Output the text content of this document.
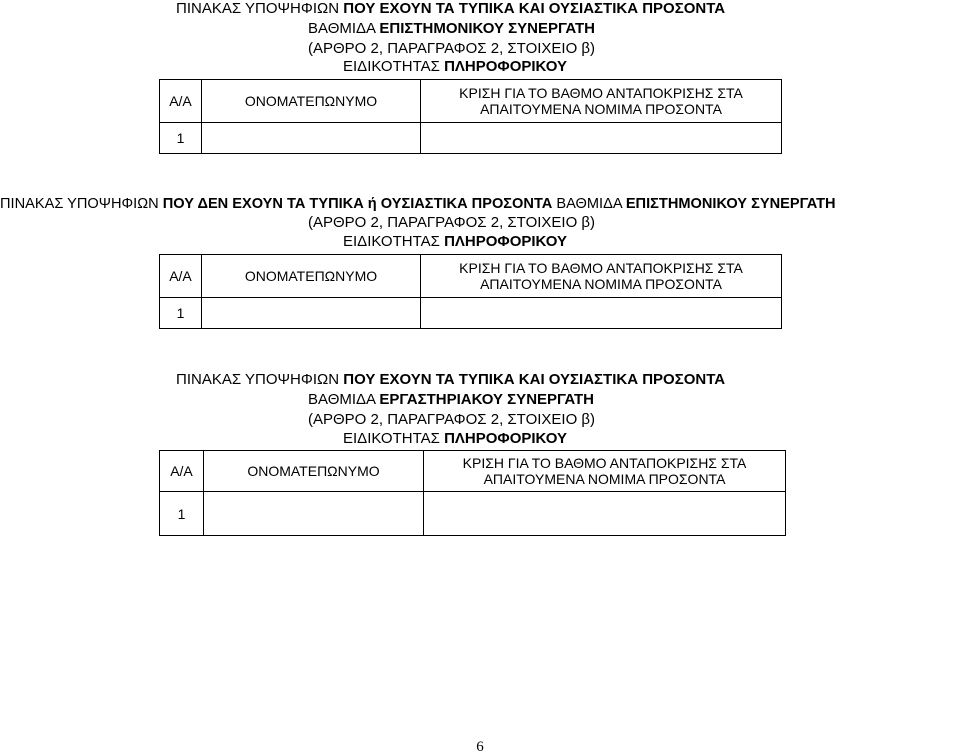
ΠΙΝΑΚΑΣ ΥΠΟΨΗΦΙΩΝ ΠΟΥ ΕΧΟΥΝ ΤΑ ΤΥΠΙΚΑ ΚΑΙ ΟΥΣΙΑΣΤΙΚΑ ΠΡΟΣΟΝΤΑ
ΒΑΘΜΙΔΑ ΕΠΙΣΤΗΜΟΝΙΚΟΥ ΣΥΝΕΡΓΑΤΗ
(ΑΡΘΡΟ 2, ΠΑΡΑΓΡΑΦΟΣ 2, ΣΤΟΙΧΕΙΟ β)
ΕΙΔΙΚΟΤΗΤΑΣ ΠΛΗΡΟΦΟΡΙΚΟΥ
Α/Α	ΟΝΟΜΑΤΕΠΩΝΥΜΟ	ΚΡΙΣΗ ΓΙΑ ΤΟ ΒΑΘΜΟ ΑΝΤΑΠΟΚΡΙΣΗΣ ΣΤΑ ΑΠΑΙΤΟΥΜΕΝΑ ΝΟΜΙΜΑ ΠΡΟΣΟΝΤΑ
1		
ΠΙΝΑΚΑΣ ΥΠΟΨΗΦΙΩΝ ΠΟΥ ΔΕΝ ΕΧΟΥΝ ΤΑ ΤΥΠΙΚΑ ή ΟΥΣΙΑΣΤΙΚΑ ΠΡΟΣΟΝΤΑ ΒΑΘΜΙΔΑ ΕΠΙΣΤΗΜΟΝΙΚΟΥ ΣΥΝΕΡΓΑΤΗ
(ΑΡΘΡΟ 2, ΠΑΡΑΓΡΑΦΟΣ 2, ΣΤΟΙΧΕΙΟ β)
ΕΙΔΙΚΟΤΗΤΑΣ ΠΛΗΡΟΦΟΡΙΚΟΥ
Α/Α	ΟΝΟΜΑΤΕΠΩΝΥΜΟ	ΚΡΙΣΗ ΓΙΑ ΤΟ ΒΑΘΜΟ ΑΝΤΑΠΟΚΡΙΣΗΣ ΣΤΑ ΑΠΑΙΤΟΥΜΕΝΑ ΝΟΜΙΜΑ ΠΡΟΣΟΝΤΑ
1		
ΠΙΝΑΚΑΣ ΥΠΟΨΗΦΙΩΝ ΠΟΥ ΕΧΟΥΝ ΤΑ ΤΥΠΙΚΑ ΚΑΙ ΟΥΣΙΑΣΤΙΚΑ ΠΡΟΣΟΝΤΑ
ΒΑΘΜΙΔΑ ΕΡΓΑΣΤΗΡΙΑΚΟΥ ΣΥΝΕΡΓΑΤΗ
(ΑΡΘΡΟ 2, ΠΑΡΑΓΡΑΦΟΣ 2, ΣΤΟΙΧΕΙΟ β)
ΕΙΔΙΚΟΤΗΤΑΣ ΠΛΗΡΟΦΟΡΙΚΟΥ
Α/Α	ΟΝΟΜΑΤΕΠΩΝΥΜΟ	ΚΡΙΣΗ ΓΙΑ ΤΟ ΒΑΘΜΟ ΑΝΤΑΠΟΚΡΙΣΗΣ ΣΤΑ ΑΠΑΙΤΟΥΜΕΝΑ ΝΟΜΙΜΑ ΠΡΟΣΟΝΤΑ
1		
6
